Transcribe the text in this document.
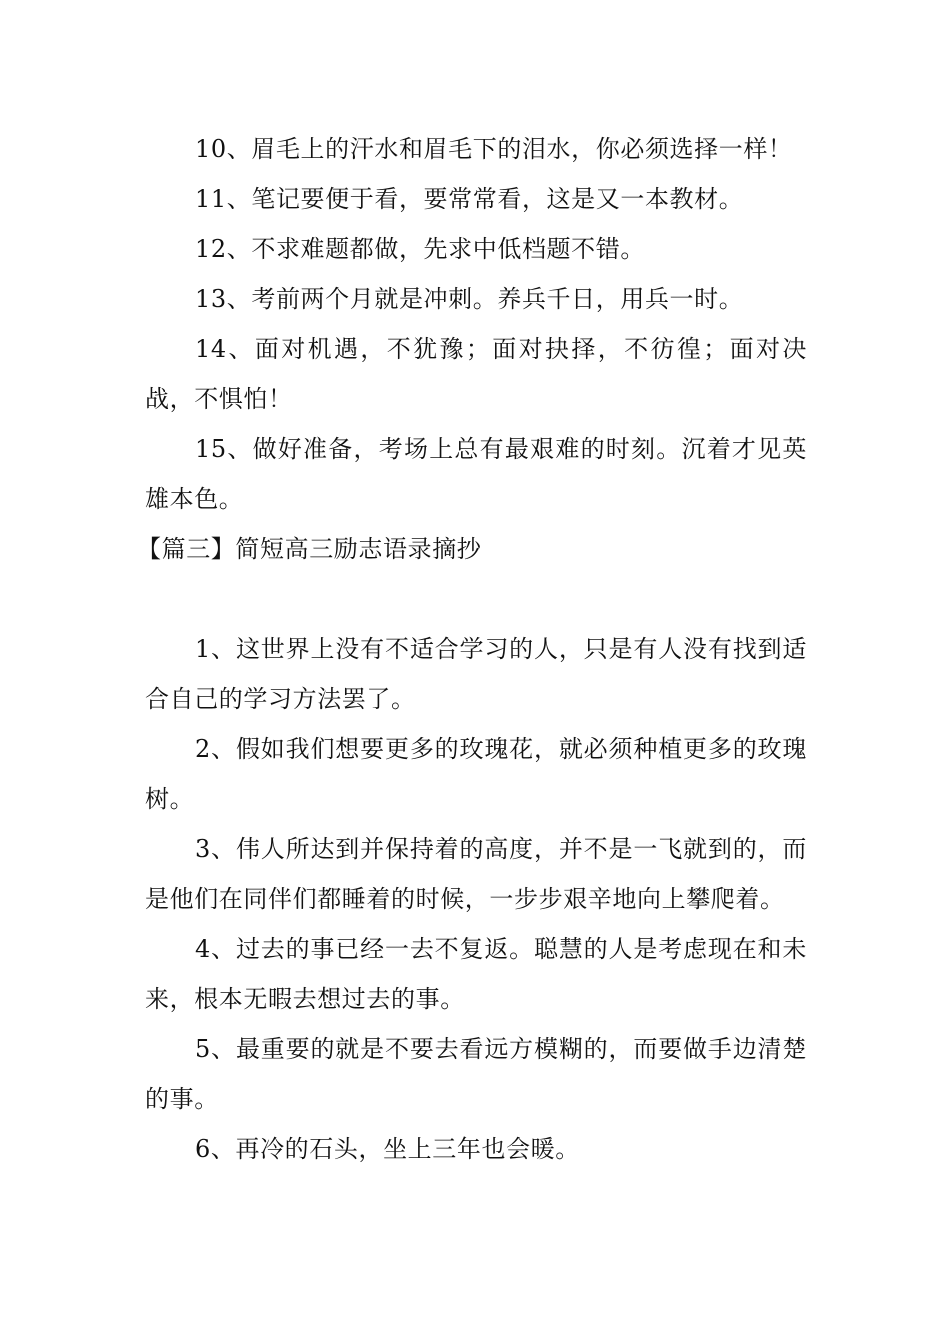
10、眉毛上的汗水和眉毛下的泪水，你必须选择一样！

11、笔记要便于看，要常常看，这是又一本教材。

12、不求难题都做，先求中低档题不错。

13、考前两个月就是冲刺。养兵千日，用兵一时。

14、面对机遇，不犹豫；面对抉择，不彷徨；面对决战，不惧怕！

15、做好准备，考场上总有最艰难的时刻。沉着才见英雄本色。

【篇三】简短高三励志语录摘抄

1、这世界上没有不适合学习的人，只是有人没有找到适合自己的学习方法罢了。

2、假如我们想要更多的玫瑰花，就必须种植更多的玫瑰树。

3、伟人所达到并保持着的高度，并不是一飞就到的，而是他们在同伴们都睡着的时候，一步步艰辛地向上攀爬着。

4、过去的事已经一去不复返。聪慧的人是考虑现在和未来，根本无暇去想过去的事。

5、最重要的就是不要去看远方模糊的，而要做手边清楚的事。

6、再冷的石头，坐上三年也会暖。
